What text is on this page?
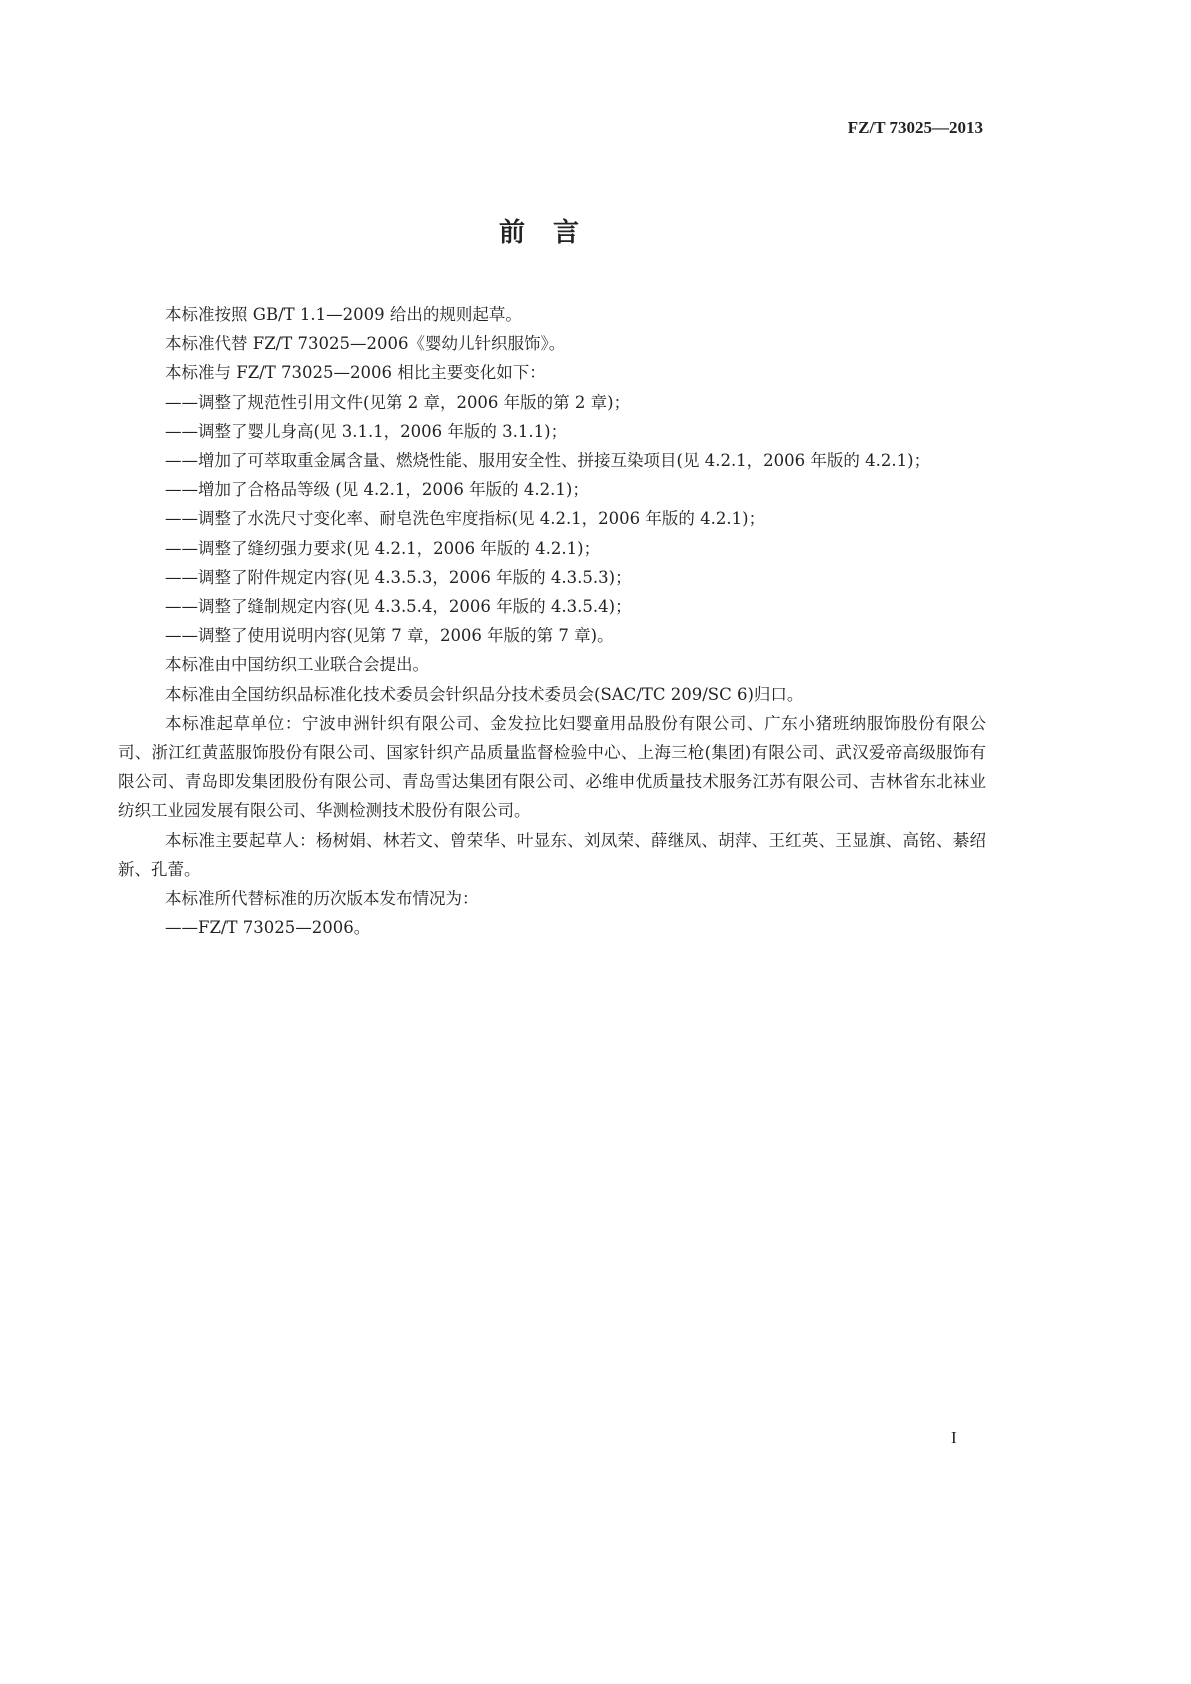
FZ/T 73025—2013
前言

本标准按照 GB/T 1.1—2009 给出的规则起草。

本标准代替 FZ/T 73025—2006《婴幼儿针织服饰》。

本标准与 FZ/T 73025—2006 相比主要变化如下：

——调整了规范性引用文件(见第 2 章，2006 年版的第 2 章)；

——调整了婴儿身高(见 3.1.1，2006 年版的 3.1.1)；

——增加了可萃取重金属含量、燃烧性能、服用安全性、拼接互染项目(见 4.2.1，2006 年版的 4.2.1)；

——增加了合格品等级 (见 4.2.1，2006 年版的 4.2.1)；

——调整了水洗尺寸变化率、耐皂洗色牢度指标(见 4.2.1，2006 年版的 4.2.1)；

——调整了缝纫强力要求(见 4.2.1，2006 年版的 4.2.1)；

——调整了附件规定内容(见 4.3.5.3，2006 年版的 4.3.5.3)；

——调整了缝制规定内容(见 4.3.5.4，2006 年版的 4.3.5.4)；

——调整了使用说明内容(见第 7 章，2006 年版的第 7 章)。

本标准由中国纺织工业联合会提出。

本标准由全国纺织品标准化技术委员会针织品分技术委员会(SAC/TC 209/SC 6)归口。

本标准起草单位：宁波申洲针织有限公司、金发拉比妇婴童用品股份有限公司、广东小猪班纳服饰股份有限公司、浙江红黄蓝服饰股份有限公司、国家针织产品质量监督检验中心、上海三枪(集团)有限公司、武汉爱帝高级服饰有限公司、青岛即发集团股份有限公司、青岛雪达集团有限公司、必维申优质量技术服务江苏有限公司、吉林省东北袜业纺织工业园发展有限公司、华测检测技术股份有限公司。

本标准主要起草人：杨树娟、林若文、曾荣华、叶显东、刘凤荣、薛继凤、胡萍、王红英、王显旗、高铭、綦绍新、孔蕾。

本标准所代替标准的历次版本发布情况为：

——FZ/T 73025—2006。

I
